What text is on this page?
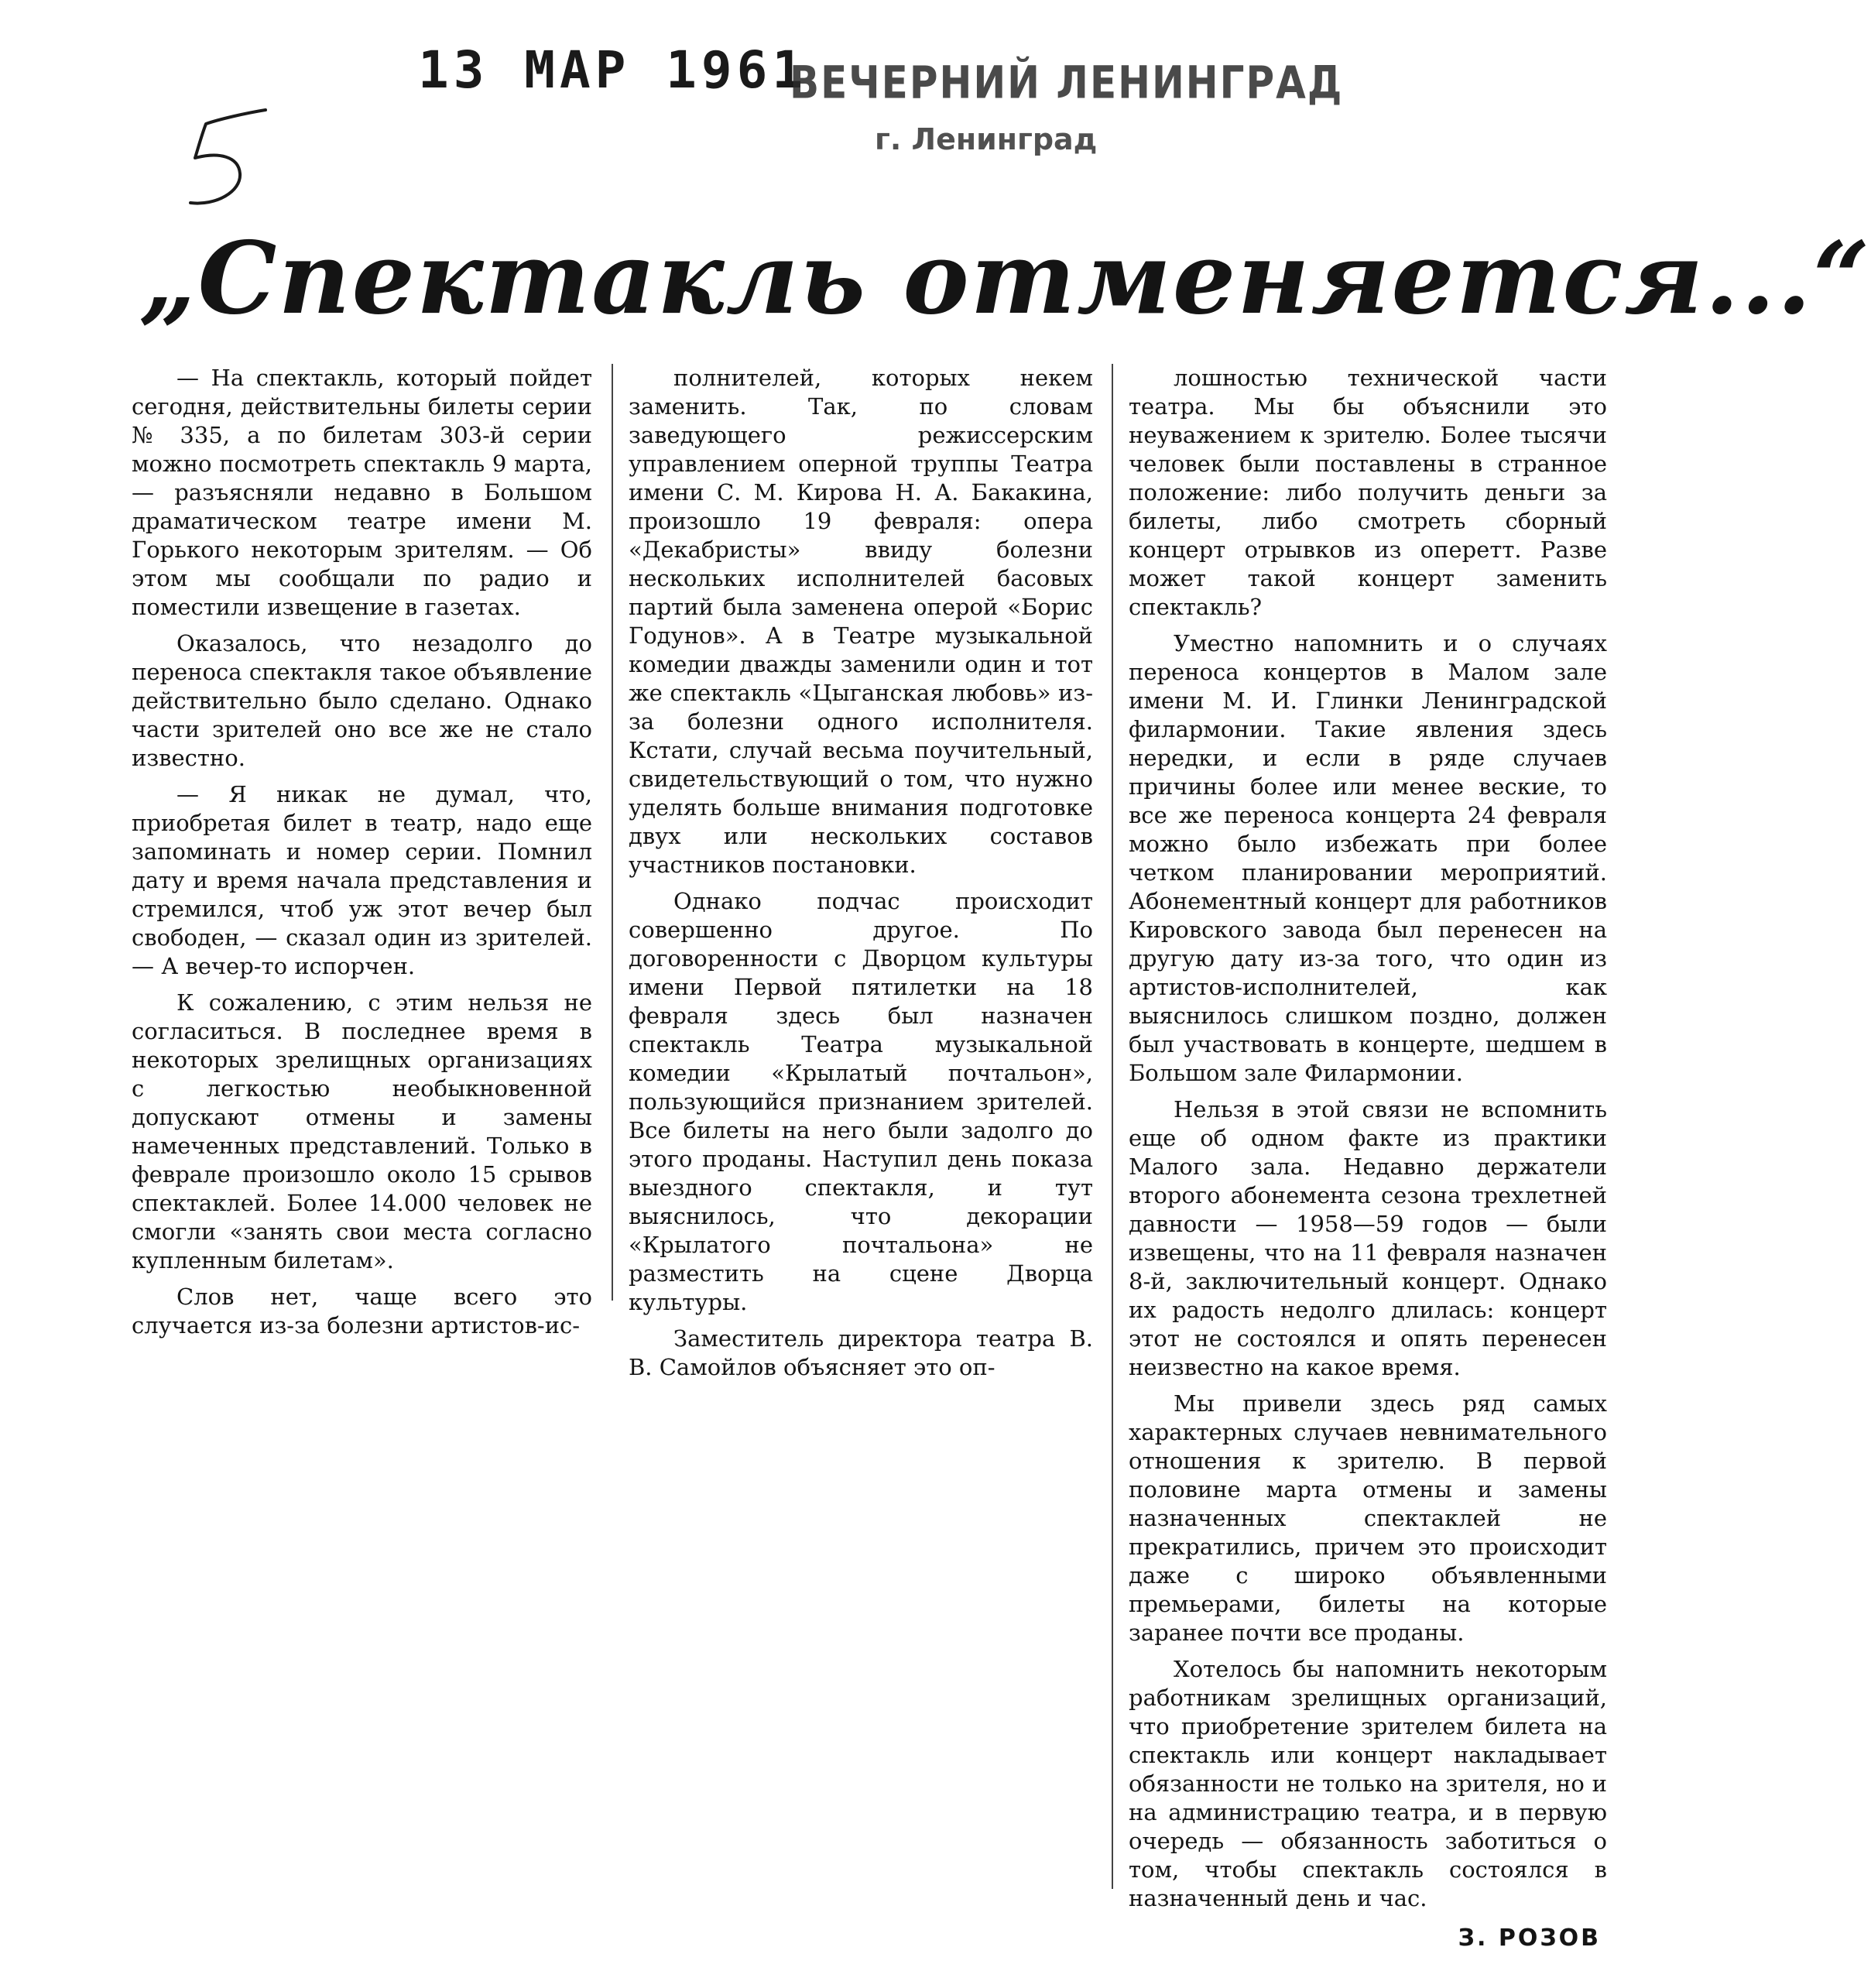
13 МАР 1961
ВЕЧЕРНИЙ ЛЕНИНГРАД
г. Ленинград
„Спектакль отменяется...“

— На спектакль, который пойдет сегодня, действительны билеты серии № 335, а по билетам 303-й серии можно посмотреть спектакль 9 марта, — разъясняли недавно в Большом драматическом театре имени М. Горького некоторым зрителям. — Об этом мы сообщали по радио и поместили извещение в газетах.

Оказалось, что незадолго до переноса спектакля такое объявление действительно было сделано. Однако части зрителей оно все же не стало известно.

— Я никак не думал, что, приобретая билет в театр, надо еще запоминать и номер серии. Помнил дату и время начала представления и стремился, чтоб уж этот вечер был свободен, — сказал один из зрителей. — А вечер-то испорчен.

К сожалению, с этим нельзя не согласиться. В последнее время в некоторых зрелищных организациях с легкостью необыкновенной допускают отмены и замены намеченных представлений. Только в феврале произошло около 15 срывов спектаклей. Более 14.000 человек не смогли «занять свои места согласно купленным билетам».

Слов нет, чаще всего это случается из-за болезни артистов-ис-

полнителей, которых некем заменить. Так, по словам заведующего режиссерским управлением оперной труппы Театра имени С. М. Кирова Н. А. Бакакина, произошло 19 февраля: опера «Декабристы» ввиду болезни нескольких исполнителей басовых партий была заменена оперой «Борис Годунов». А в Театре музыкальной комедии дважды заменили один и тот же спектакль «Цыганская любовь» из-за болезни одного исполнителя. Кстати, случай весьма поучительный, свидетельствующий о том, что нужно уделять больше внимания подготовке двух или нескольких составов участников постановки.

Однако подчас происходит совершенно другое. По договоренности с Дворцом культуры имени Первой пятилетки на 18 февраля здесь был назначен спектакль Театра музыкальной комедии «Крылатый почтальон», пользующийся признанием зрителей. Все билеты на него были задолго до этого проданы. Наступил день показа выездного спектакля, и тут выяснилось, что декорации «Крылатого почтальона» не разместить на сцене Дворца культуры.

Заместитель директора театра В. В. Самойлов объясняет это оп-

лошностью технической части театра. Мы бы объяснили это неуважением к зрителю. Более тысячи человек были поставлены в странное положение: либо получить деньги за билеты, либо смотреть сборный концерт отрывков из оперетт. Разве может такой концерт заменить спектакль?

Уместно напомнить и о случаях переноса концертов в Малом зале имени М. И. Глинки Ленинградской филармонии. Такие явления здесь нередки, и если в ряде случаев причины более или менее веские, то все же переноса концерта 24 февраля можно было избежать при более четком планировании мероприятий. Абонементный концерт для работников Кировского завода был перенесен на другую дату из-за того, что один из артистов-исполнителей, как выяснилось слишком поздно, должен был участвовать в концерте, шедшем в Большом зале Филармонии.

Нельзя в этой связи не вспомнить еще об одном факте из практики Малого зала. Недавно держатели второго абонемента сезона трехлетней давности — 1958—59 годов — были извещены, что на 11 февраля назначен 8-й, заключительный концерт. Однако их радость недолго длилась: концерт этот не состоялся и опять перенесен неизвестно на какое время.

Мы привели здесь ряд самых характерных случаев невнимательного отношения к зрителю. В первой половине марта отмены и замены назначенных спектаклей не прекратились, причем это происходит даже с широко объявленными премьерами, билеты на которые заранее почти все проданы.

Хотелось бы напомнить некоторым работникам зрелищных организаций, что приобретение зрителем билета на спектакль или концерт накладывает обязанности не только на зрителя, но и на администрацию театра, и в первую очередь — обязанность заботиться о том, чтобы спектакль состоялся в назначенный день и час.

З. РОЗОВ
